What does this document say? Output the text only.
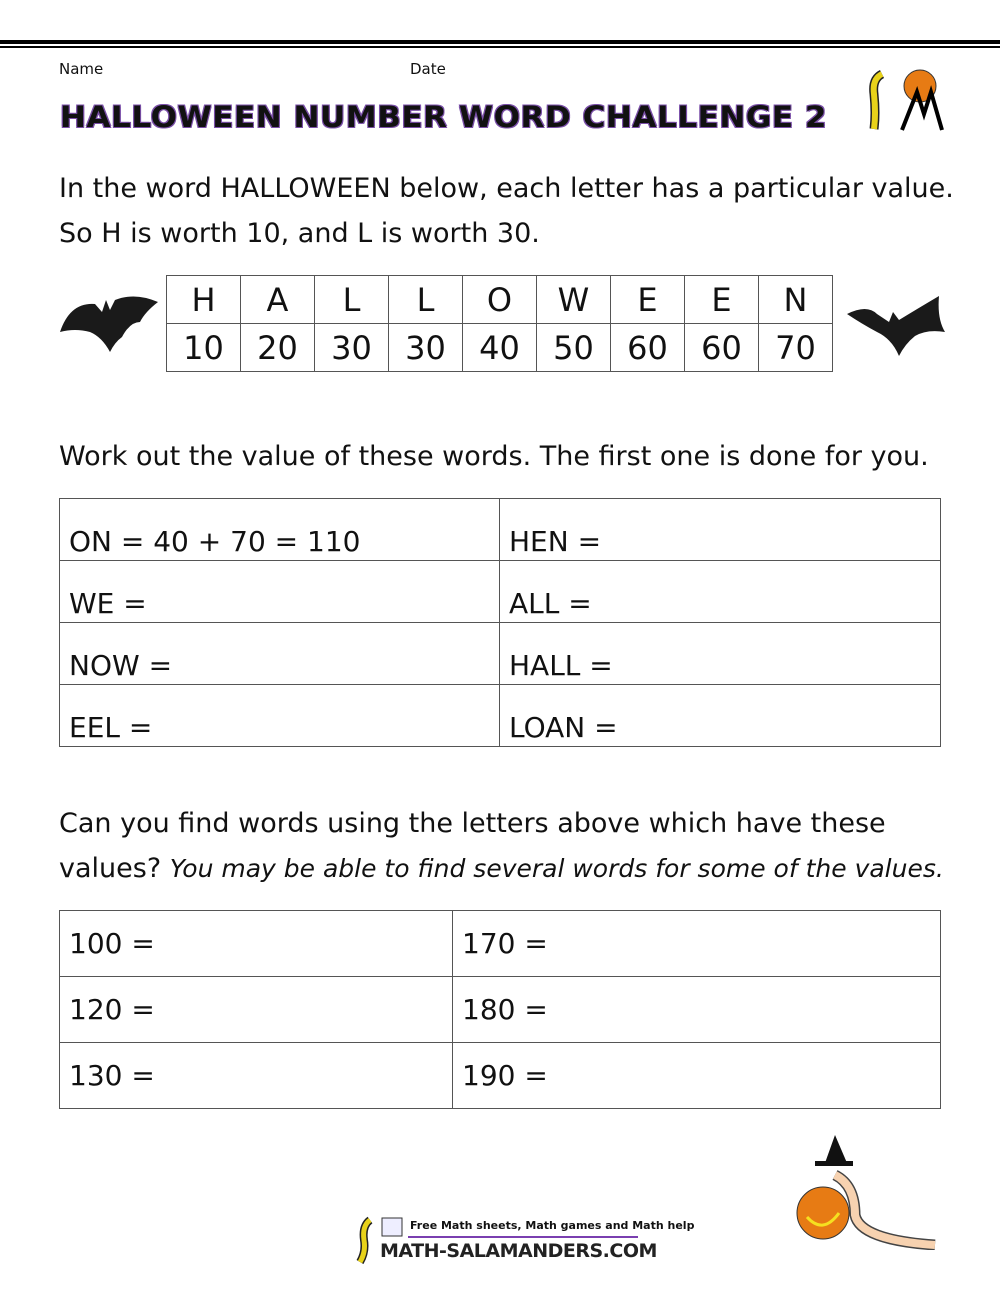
Name	Date
HALLOWEEN NUMBER WORD CHALLENGE 2
In the word HALLOWEEN below, each letter has a particular value.
So H is worth 10, and L is worth 30.
H	A	L	L	O	W	E	E	N
10	20	30	30	40	50	60	60	70
Work out the value of these words. The first one is done for you.
ON = 40 + 70 = 110	HEN =
WE =	ALL =
NOW =	HALL =
EEL =	LOAN =
Can you find words using the letters above which have these
values? You may be able to find several words for some of the values.
100 =	170 =
120 =	180 =
130 =	190 =
Free Math sheets, Math games and Math help
MATH-SALAMANDERS.COM
